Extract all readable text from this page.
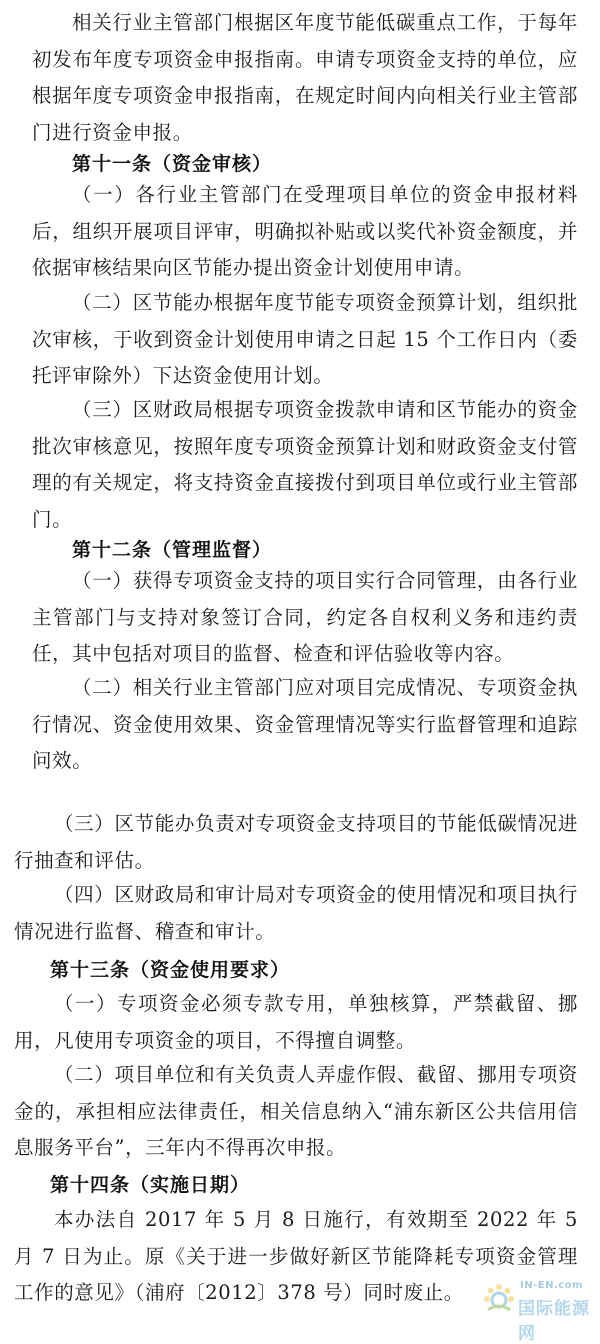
相关行业主管部门根据区年度节能低碳重点工作，于每年初发布年度专项资金申报指南。申请专项资金支持的单位，应根据年度专项资金申报指南，在规定时间内向相关行业主管部门进行资金申报。

第十一条（资金审核）

（一）各行业主管部门在受理项目单位的资金申报材料后，组织开展项目评审，明确拟补贴或以奖代补资金额度，并依据审核结果向区节能办提出资金计划使用申请。

（二）区节能办根据年度节能专项资金预算计划，组织批次审核，于收到资金计划使用申请之日起 15 个工作日内（委托评审除外）下达资金使用计划。

（三）区财政局根据专项资金拨款申请和区节能办的资金批次审核意见，按照年度专项资金预算计划和财政资金支付管理的有关规定，将支持资金直接拨付到项目单位或行业主管部门。

第十二条（管理监督）

（一）获得专项资金支持的项目实行合同管理，由各行业主管部门与支持对象签订合同，约定各自权利义务和违约责任，其中包括对项目的监督、检查和评估验收等内容。

（二）相关行业主管部门应对项目完成情况、专项资金执行情况、资金使用效果、资金管理情况等实行监督管理和追踪问效。

（三）区节能办负责对专项资金支持项目的节能低碳情况进行抽查和评估。

（四）区财政局和审计局对专项资金的使用情况和项目执行情况进行监督、稽查和审计。

第十三条（资金使用要求）

（一）专项资金必须专款专用，单独核算，严禁截留、挪用，凡使用专项资金的项目，不得擅自调整。

（二）项目单位和有关负责人弄虚作假、截留、挪用专项资金的，承担相应法律责任，相关信息纳入“浦东新区公共信用信息服务平台”，三年内不得再次申报。

第十四条（实施日期）

本办法自 2017 年 5 月 8 日施行，有效期至 2022 年 5 月 7 日为止。原《关于进一步做好新区节能降耗专项资金管理工作的意见》（浦府〔2012〕378 号）同时废止。	IN-EN.com
国际能源网
